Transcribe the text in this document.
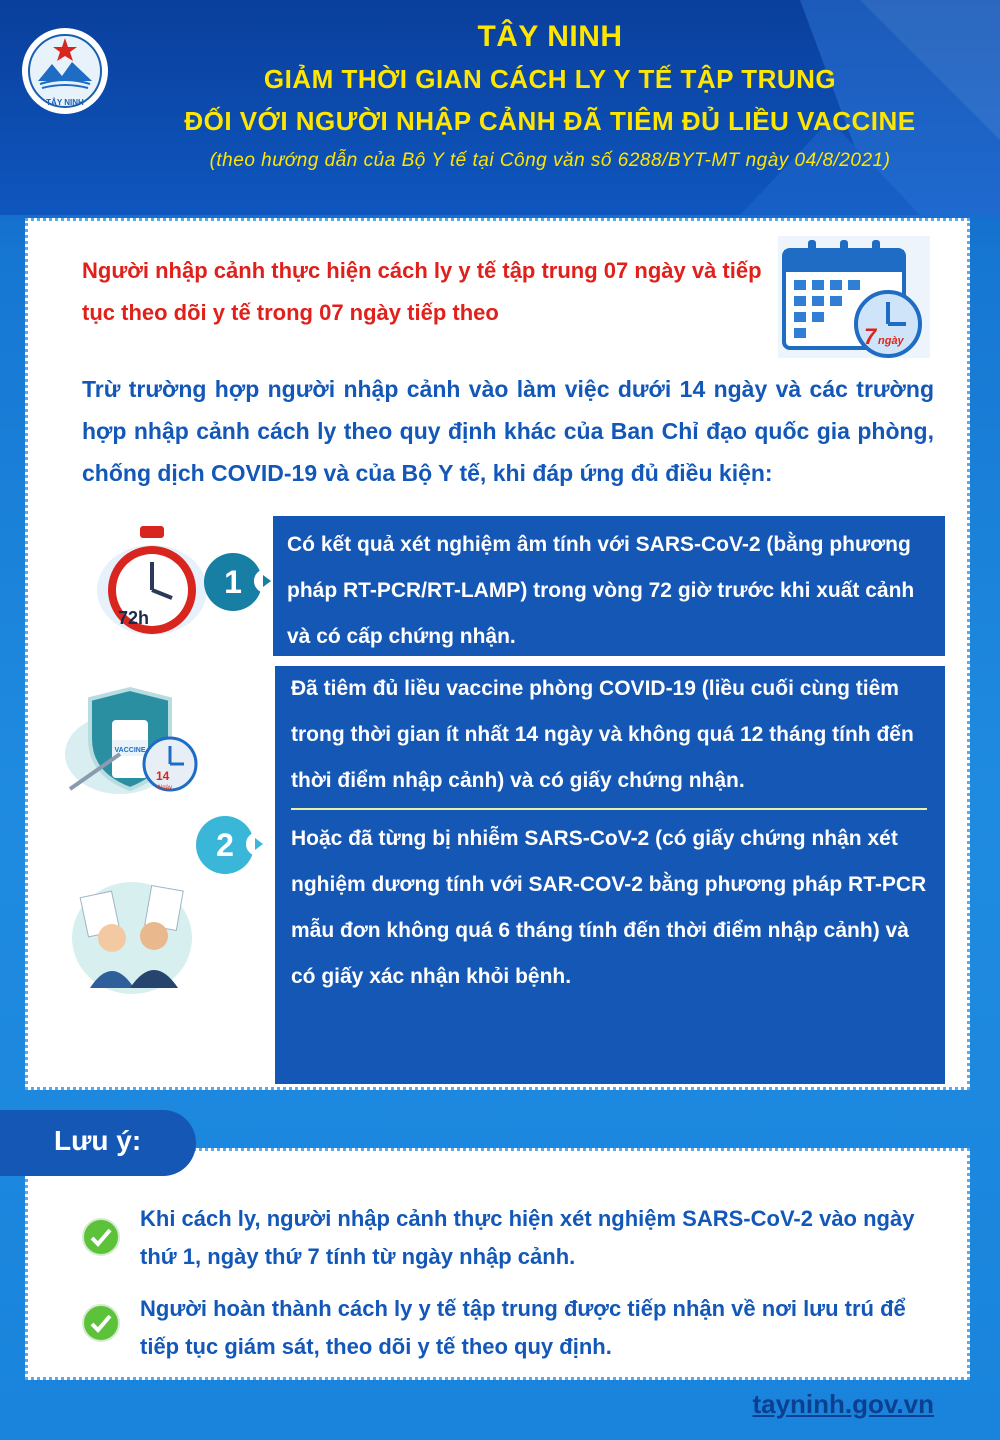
TÂY NINH
TÂY NINH
GIẢM THỜI GIAN CÁCH LY Y TẾ TẬP TRUNG
ĐỐI VỚI NGƯỜI NHẬP CẢNH ĐÃ TIÊM ĐỦ LIỀU VACCINE
(theo hướng dẫn của Bộ Y tế tại Công văn số 6288/BYT-MT ngày 04/8/2021)
Người nhập cảnh thực hiện cách ly y tế tập trung 07 ngày và tiếp tục theo dõi y tế trong 07 ngày tiếp theo
7 ngày
Trừ trường hợp người nhập cảnh vào làm việc dưới 14 ngày và các trường hợp nhập cảnh cách ly theo quy định khác của Ban Chỉ đạo quốc gia phòng, chống dịch COVID-19 và của Bộ Y tế, khi đáp ứng đủ điều kiện:
72h
1
Có kết quả xét nghiệm âm tính với SARS-CoV-2 (bằng phương pháp RT-PCR/RT-LAMP) trong vòng 72 giờ trước khi xuất cảnh và có cấp chứng nhận.
VACCINE
14
Ngày
2
Đã tiêm đủ liều vaccine phòng COVID-19 (liều cuối cùng tiêm trong thời gian ít nhất 14 ngày và không quá 12 tháng tính đến thời điểm nhập cảnh) và có giấy chứng nhận.
Hoặc đã từng bị nhiễm SARS-CoV-2 (có giấy chứng nhận xét nghiệm dương tính với SAR-COV-2 bằng phương pháp RT-PCR mẫu đơn không quá 6 tháng tính đến thời điểm nhập cảnh) và có giấy xác nhận khỏi bệnh.
Lưu ý:
Khi cách ly, người nhập cảnh thực hiện xét nghiệm SARS-CoV-2 vào ngày thứ 1, ngày thứ 7 tính từ ngày nhập cảnh.
Người hoàn thành cách ly y tế tập trung được tiếp nhận về nơi lưu trú để tiếp tục giám sát, theo dõi y tế theo quy định.
tayninh.gov.vn
